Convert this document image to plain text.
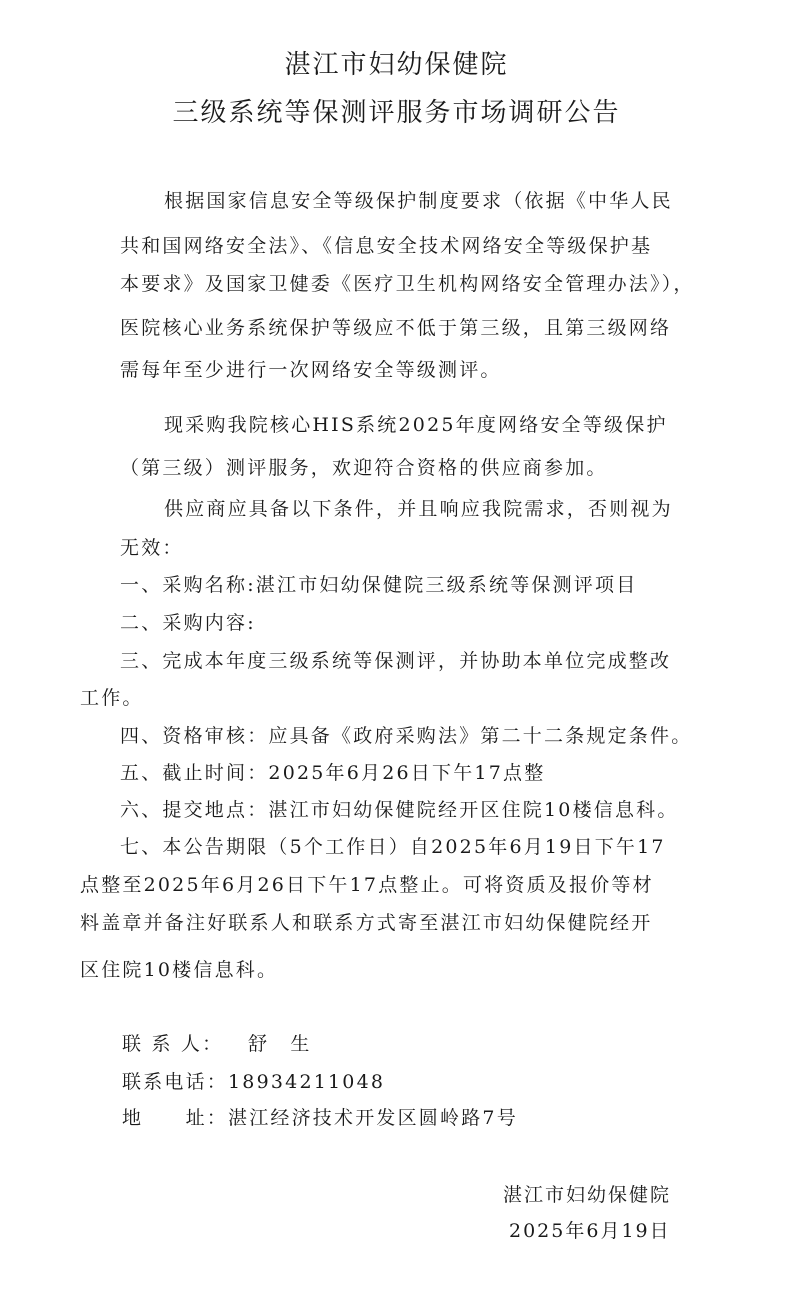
湛江市妇幼保健院
三级系统等保测评服务市场调研公告
根据国家信息安全等级保护制度要求（依据《中华人民
共和国网络安全法》、《信息安全技术网络安全等级保护基
本要求》及国家卫健委《医疗卫生机构网络安全管理办法》），
医院核心业务系统保护等级应不低于第三级，且第三级网络
需每年至少进行一次网络安全等级测评。
现采购我院核心HIS系统2025年度网络安全等级保护
（第三级）测评服务，欢迎符合资格的供应商参加。
供应商应具备以下条件，并且响应我院需求，否则视为
无效：
一、采购名称:湛江市妇幼保健院三级系统等保测评项目
二、采购内容:
三、完成本年度三级系统等保测评，并协助本单位完成整改
工作。
四、资格审核：应具备《政府采购法》第二十二条规定条件。
五、截止时间：2025年6月26日下午17点整
六、提交地点：湛江市妇幼保健院经开区住院10楼信息科。
七、本公告期限（5个工作日）自2025年6月19日下午17
点整至2025年6月26日下午17点整止。可将资质及报价等材
料盖章并备注好联系人和联系方式寄至湛江市妇幼保健院经开
区住院10楼信息科。
联 系 人： 舒　生
联系电话： 18934211048
地　　址： 湛江经济技术开发区圆岭路7号
湛江市妇幼保健院
2025年6月19日
